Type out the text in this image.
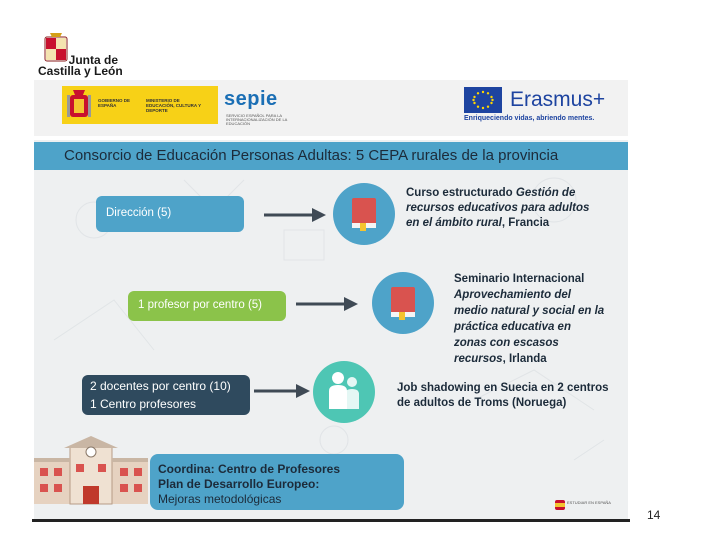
Junta de
Castilla y León
GOBIERNO DE ESPAÑA
MINISTERIO DE EDUCACIÓN, CULTURA Y DEPORTE
sepie
SERVICIO ESPAÑOL PARA LA INTERNACIONALIZACIÓN DE LA EDUCACIÓN
Erasmus+
Enriqueciendo vidas, abriendo mentes.
Consorcio de Educación Personas Adultas: 5 CEPA rurales de la provincia
Dirección (5)
1 profesor por centro (5)
2 docentes por centro (10)
1 Centro profesores
Curso estructurado Gestión de
recursos educativos para adultos
en el ámbito rural, Francia
Seminario Internacional
Aprovechamiento del
medio natural y social en la
práctica educativa en
zonas con escasos
recursos, Irlanda
Job shadowing en Suecia en 2 centros
de adultos de Troms (Noruega)
Coordina: Centro de Profesores
Plan de Desarrollo Europeo:
Mejoras metodológicas	ESTUDIAR EN ESPAÑA
14
